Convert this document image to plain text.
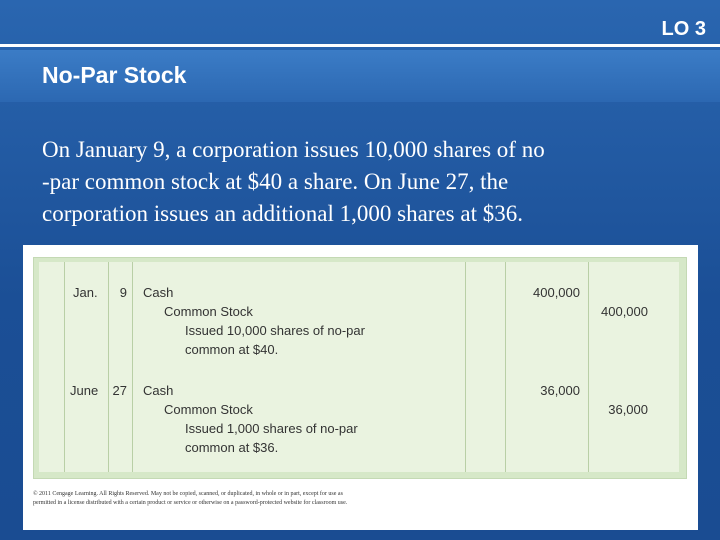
LO 3
No-Par Stock
On January 9, a corporation issues 10,000 shares of no
-par common stock at $40 a share. On June 27, the
corporation issues an additional 1,000 shares at $36.
Jan.	9 Cash
Common Stock
Issued 10,000 shares of no-par
common at $40.
400,000
400,000
June 27 Cash
Common Stock
Issued 1,000 shares of no-par
common at $36.
36,000
36,000
© 2011 Cengage Learning. All Rights Reserved. May not be copied, scanned, or duplicated, in whole or in part, except for use as
permitted in a license distributed with a certain product or service or otherwise on a password-protected website for classroom use.
